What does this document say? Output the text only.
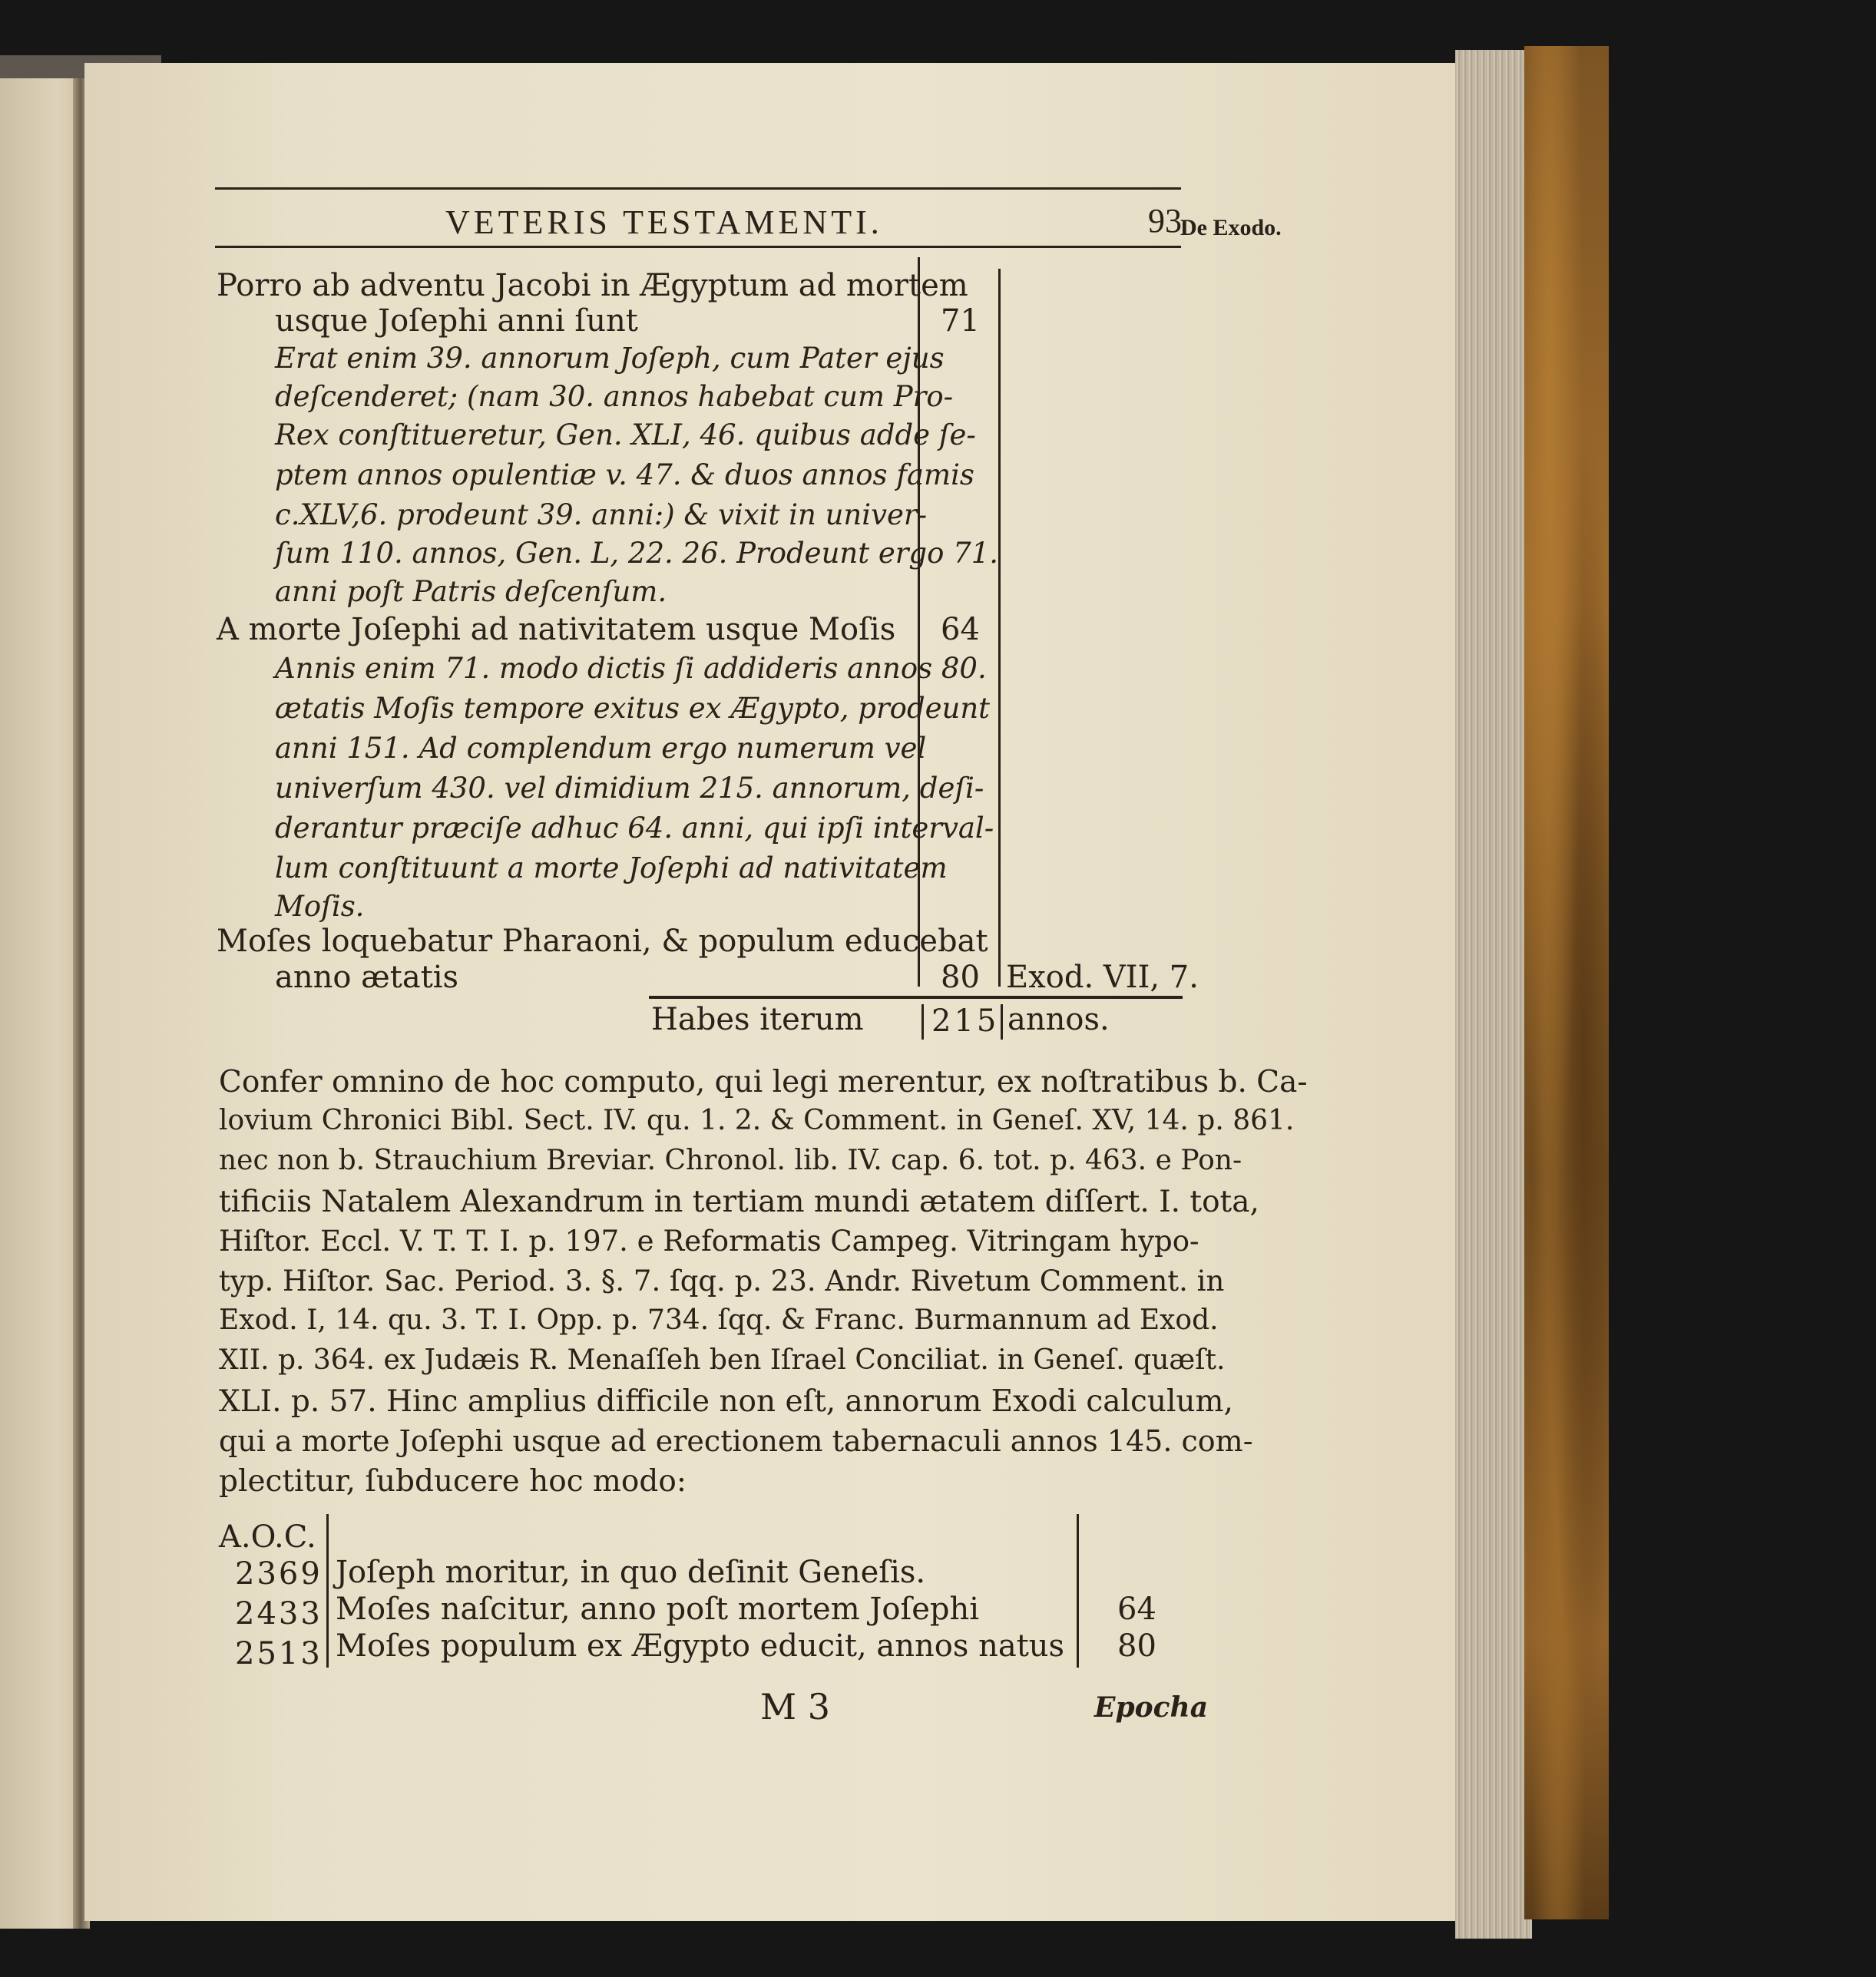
VETERIS TESTAMENTI.	93
De Exodo.
Porro ab adventu Jacobi in Ægyptum ad mortem
usque Joſephi anni ſunt	71
Erat enim 39. annorum Joſeph, cum Pater ejus
deſcenderet; (nam 30. annos habebat cum Pro-
Rex conſtitueretur, Gen. XLI, 46. quibus adde ſe-
ptem annos opulentiæ v. 47. & duos annos famis
c.XLV,6. prodeunt 39. anni:) & vixit in univer-
ſum 110. annos, Gen. L, 22. 26. Prodeunt ergo 71.
anni poſt Patris deſcenſum.
A morte Joſephi ad nativitatem usque Moſis 64
Annis enim 71. modo dictis ſi addideris annos 80.
ætatis Moſis tempore exitus ex Ægypto, prodeunt
anni 151. Ad complendum ergo numerum vel
univerſum 430. vel dimidium 215. annorum, deſi-
derantur præciſe adhuc 64. anni, qui ipſi interval-
lum conſtituunt a morte Joſephi ad nativitatem
Moſis.
Moſes loquebatur Pharaoni, & populum educebat
anno ætatis	80 Exod. VII, 7.
Habes iterum 215 annos.
Confer omnino de hoc computo, qui legi merentur, ex noſtratibus b. Ca-
lovium Chronici Bibl. Sect. IV. qu. 1. 2. & Comment. in Geneſ. XV, 14. p. 861.
nec non b. Strauchium Breviar. Chronol. lib. IV. cap. 6. tot. p. 463. e Pon-
tificiis Natalem Alexandrum in tertiam mundi ætatem diſſert. I. tota,
Hiſtor. Eccl. V. T. T. I. p. 197. e Reformatis Campeg. Vitringam hypo-
typ. Hiſtor. Sac. Period. 3. §. 7. ſqq. p. 23. Andr. Rivetum Comment. in
Exod. I, 14. qu. 3. T. I. Opp. p. 734. ſqq. & Franc. Burmannum ad Exod.
XII. p. 364. ex Judæis R. Menaſſeh ben Iſrael Conciliat. in Geneſ. quæſt.
XLI. p. 57. Hinc amplius difficile non eſt, annorum Exodi calculum,
qui a morte Joſephi usque ad erectionem tabernaculi annos 145. com-
plectitur, ſubducere hoc modo:
A.O.C.
2369 Joſeph moritur, in quo deſinit Geneſis.
2433 Moſes naſcitur, anno poſt mortem Joſephi	64
2513 Moſes populum ex Ægypto educit, annos natus 80
M 3	Epocha
